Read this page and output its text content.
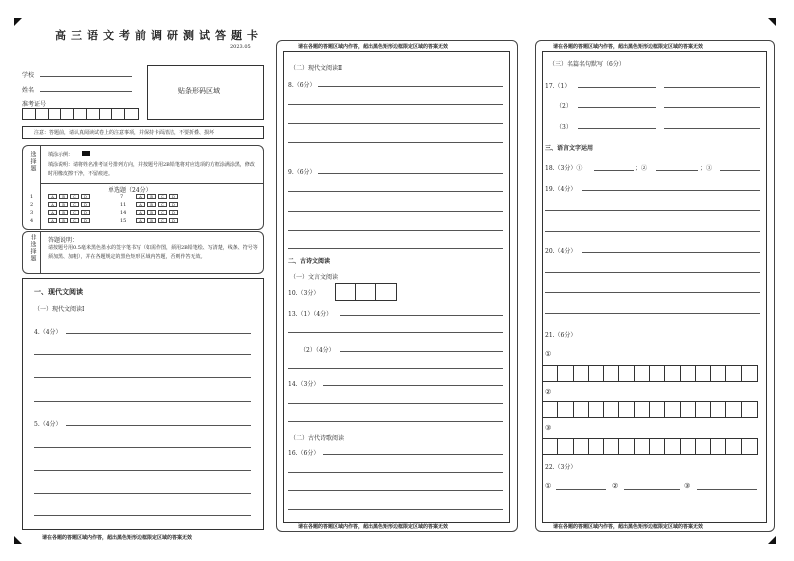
高三语文考前调研测试答题卡
2023.05
学校
姓名
准考证号
贴条形码区域
注意：答题前，请认真阅读试卷上的注意事项，并保持卡面清洁，不要折叠、损坏
选择题 填涂示例：
填涂说明：请将姓名准考证号排列方向，并按题号用2B铅笔将对应选项的方框涂满涂黑，修改时用橡皮擦干净，不留痕迹。
单选题（24分）
1	A B C D	7	A B C D
2	A B C D	11	A B C D
3	A B C D	14	A B C D
4	A B C D	15	A B C D
非选择题 答题说明：
请按题号用0.5毫米黑色墨水的签字笔书写（如需作图，须用2B铅笔绘、写清楚，线条、符号等须加黑、加粗），并在各题规定的黑色矩形区域内答题，否则作答无效。
一、现代文阅读
（一）现代文阅读Ⅰ
4.（4分）
5.（4分）
请在各题的答题区域内作答，超出黑色矩形边框限定区域的答案无效
请在各题的答题区域内作答，超出黑色矩形边框限定区域的答案无效
（二）现代文阅读Ⅱ
8.（6分）
9.（6分）
二、古诗文阅读
（一）文言文阅读
10.（3分）
13.（1）（4分）
（2）（4分）
14.（3分）
（二）古代诗歌阅读
16.（6分）
请在各题的答题区域内作答，超出黑色矩形边框限定区域的答案无效
请在各题的答题区域内作答，超出黑色矩形边框限定区域的答案无效
（三）名篇名句默写（6分）
17.（1）
（2）
（3）
三、语言文字运用
18.（3分）①	；②	；③
19.（4分）
20.（4分）
21.（6分）
①
②
③
22.（3分）
①	②	③
请在各题的答题区域内作答，超出黑色矩形边框限定区域的答案无效
